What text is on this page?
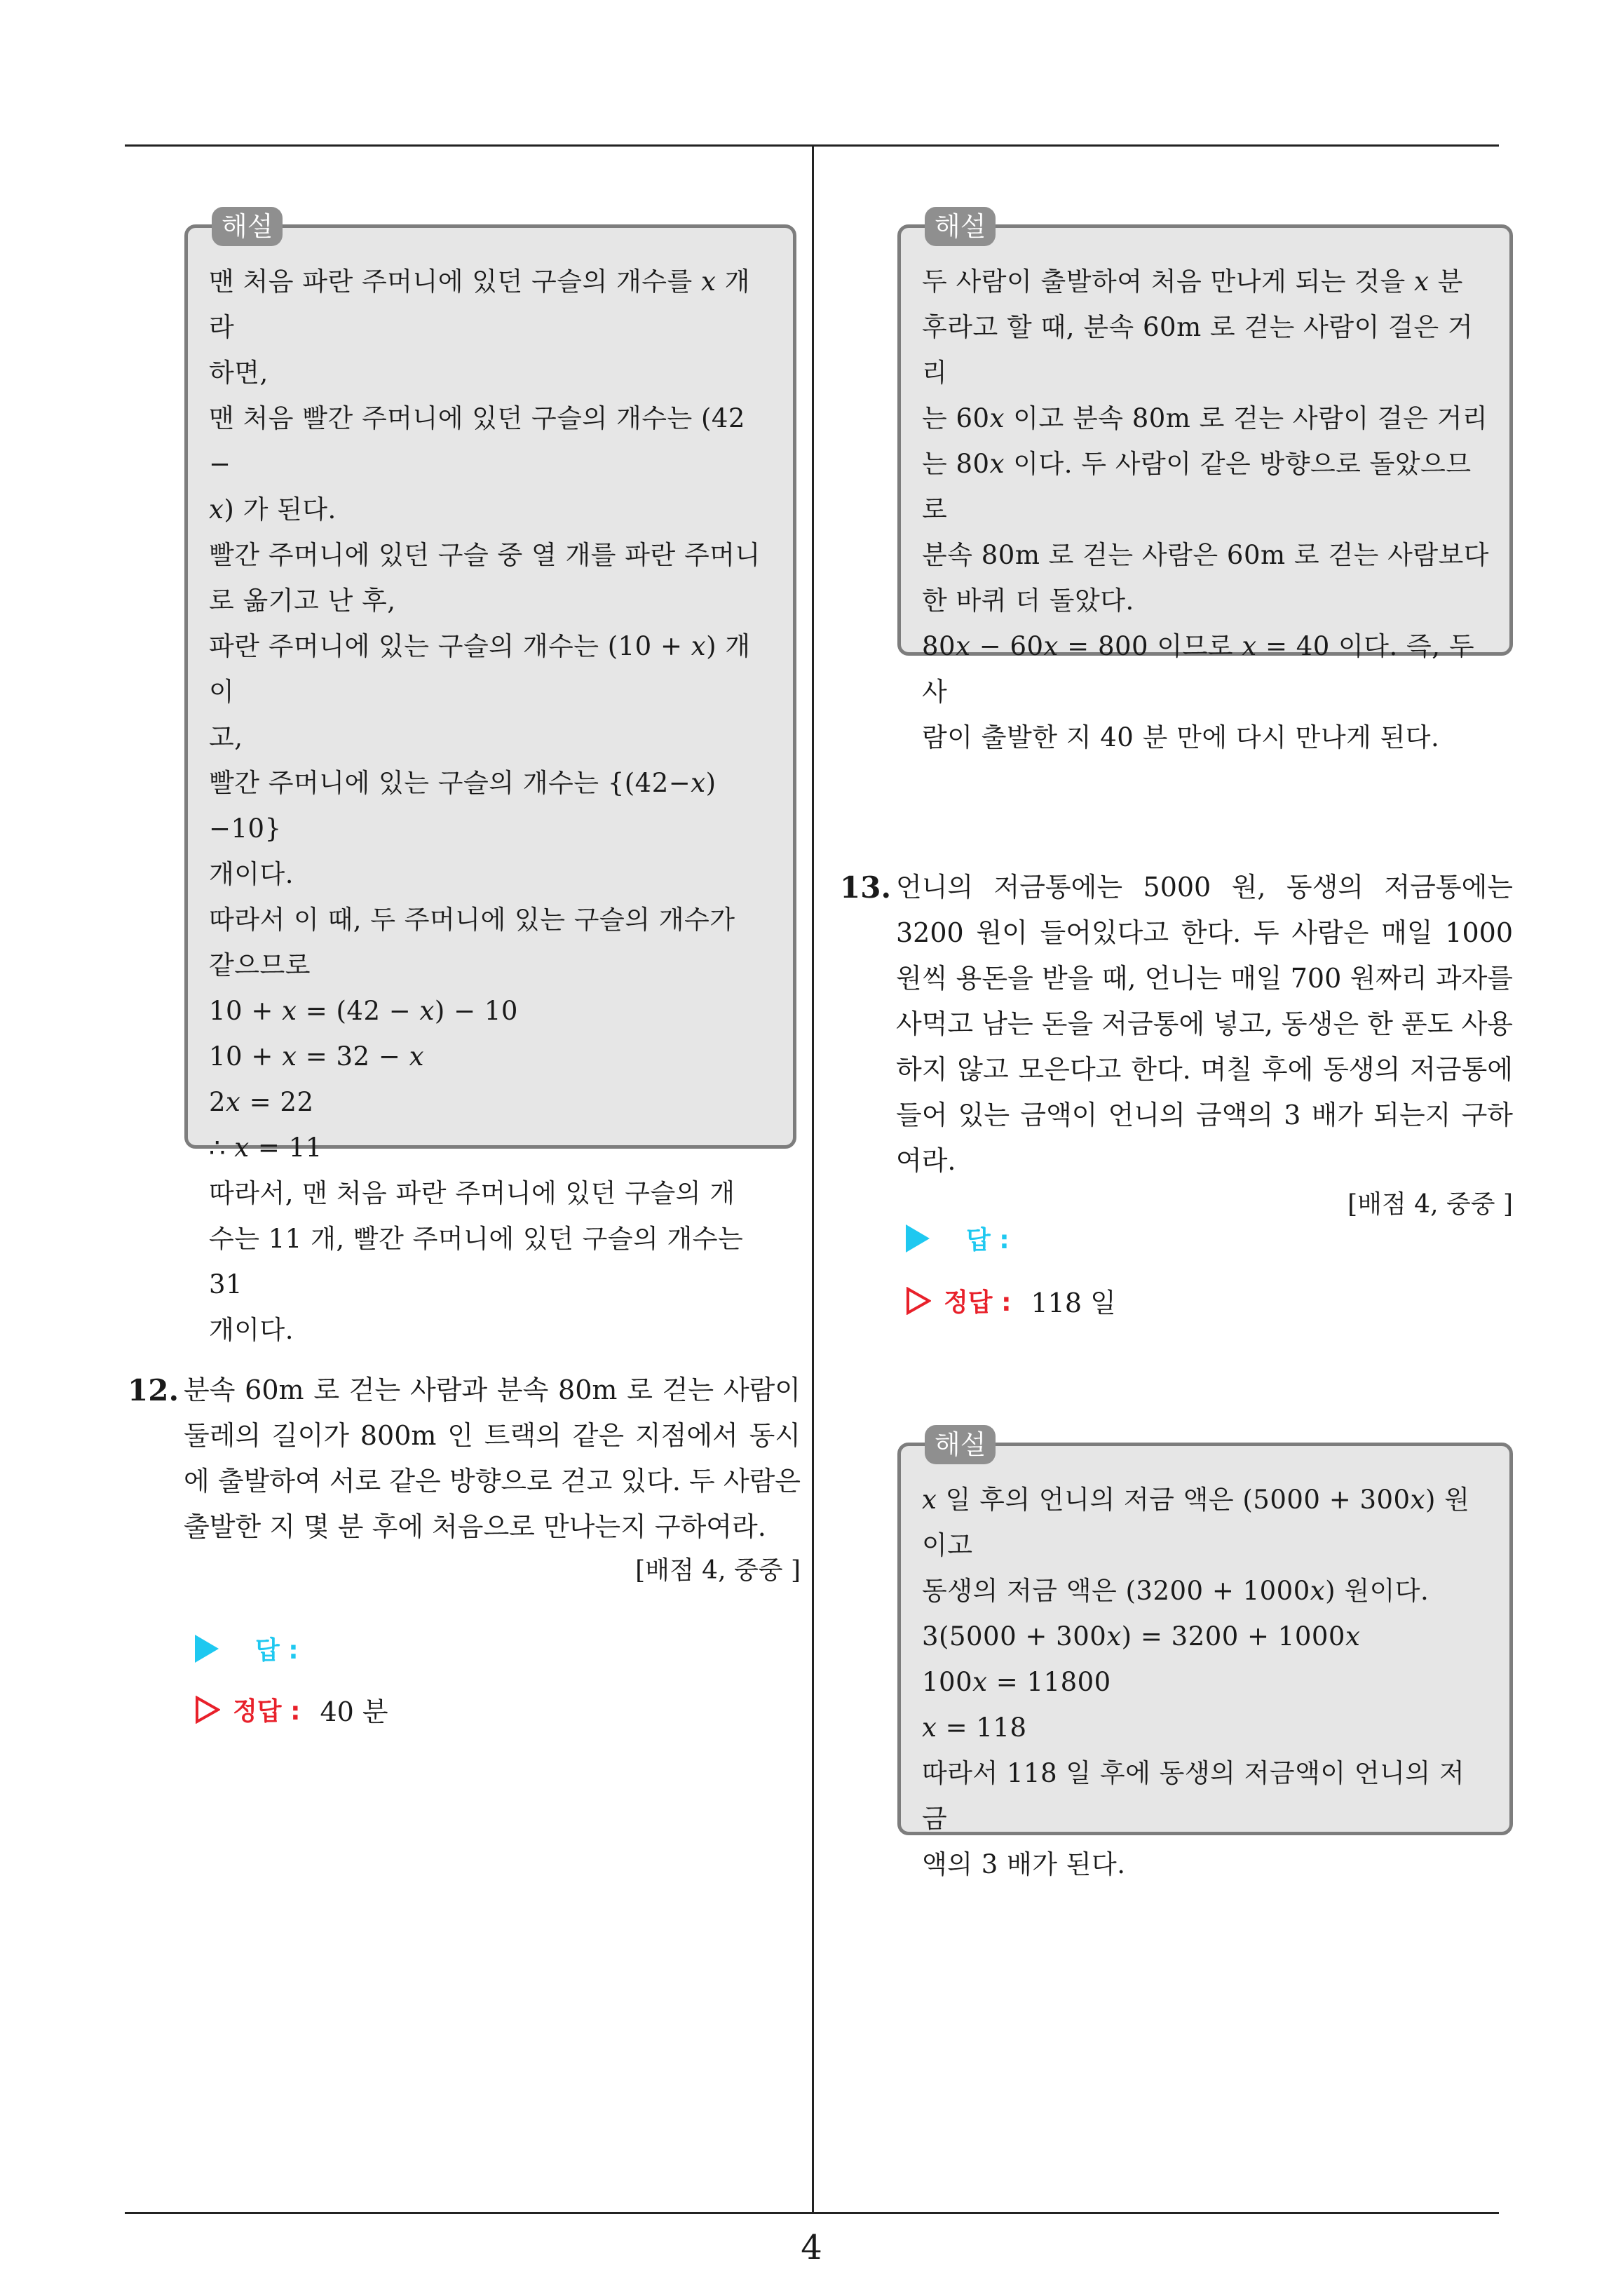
해설

맨 처음 파란 주머니에 있던 구슬의 개수를 𝑥 개라

하면,

맨 처음 빨간 주머니에 있던 구슬의 개수는 (42 −

𝑥) 가 된다.

빨간 주머니에 있던 구슬 중 열 개를 파란 주머니

로 옮기고 난 후,

파란 주머니에 있는 구슬의 개수는 (10 + 𝑥) 개이

고,

빨간 주머니에 있는 구슬의 개수는 {(42−𝑥)−10}

개이다.

따라서 이 때, 두 주머니에 있는 구슬의 개수가

같으므로

10 + 𝑥 = (42 − 𝑥) − 10

10 + 𝑥 = 32 − 𝑥

2𝑥 = 22

∴ 𝑥 = 11

따라서, 맨 처음 파란 주머니에 있던 구슬의 개

수는 11 개, 빨간 주머니에 있던 구슬의 개수는 31

개이다.

12. 분속 60m 로 걷는 사람과 분속 80m 로 걷는 사람이 둘레의 길이가 800m 인 트랙의 같은 지점에서 동시에 출발하여 서로 같은 방향으로 걷고 있다. 두 사람은 출발한 지 몇 분 후에 처음으로 만나는지 구하여라.
[배점 4, 중중 ]
답 :
정답 : 40 분
해설

두 사람이 출발하여 처음 만나게 되는 것을 𝑥 분

후라고 할 때, 분속 60m 로 걷는 사람이 걸은 거리

는 60𝑥 이고 분속 80m 로 걷는 사람이 걸은 거리

는 80𝑥 이다. 두 사람이 같은 방향으로 돌았으므로

분속 80m 로 걷는 사람은 60m 로 걷는 사람보다

한 바퀴 더 돌았다.

80𝑥 − 60𝑥 = 800 이므로 𝑥 = 40 이다. 즉, 두 사

람이 출발한 지 40 분 만에 다시 만나게 된다.

13. 언니의 저금통에는 5000 원, 동생의 저금통에는 3200 원이 들어있다고 한다. 두 사람은 매일 1000 원씩 용돈을 받을 때, 언니는 매일 700 원짜리 과자를 사먹고 남는 돈을 저금통에 넣고, 동생은 한 푼도 사용하지 않고 모은다고 한다. 며칠 후에 동생의 저금통에 들어 있는 금액이 언니의 금액의 3 배가 되는지 구하여라.
[배점 4, 중중 ]
답 :
정답 : 118 일
해설

𝑥 일 후의 언니의 저금 액은 (5000 + 300𝑥) 원이고

동생의 저금 액은 (3200 + 1000𝑥) 원이다.

3(5000 + 300𝑥) = 3200 + 1000𝑥

100𝑥 = 11800

𝑥 = 118

따라서 118 일 후에 동생의 저금액이 언니의 저금

액의 3 배가 된다.

4
